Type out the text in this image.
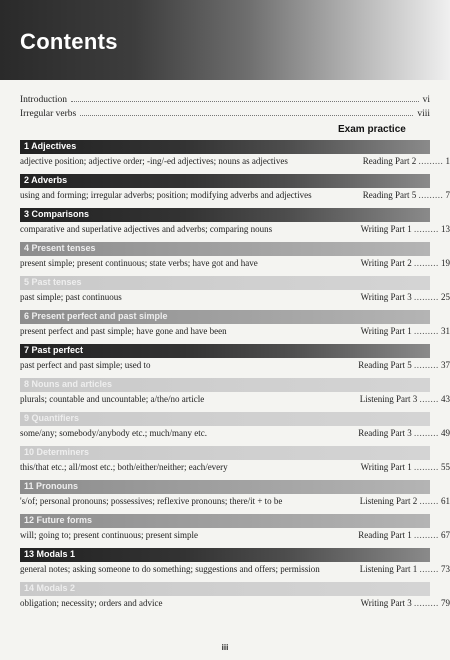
Contents
Introduction	vi
Irregular verbs	viii
Exam practice
1 Adjectives
adjective position; adjective order; -ing/-ed adjectives; nouns as adjectives	Reading Part 2 ......... 1
2 Adverbs
using and forming; irregular adverbs; position; modifying adverbs and adjectives	Reading Part 5 ......... 7
3 Comparisons
comparative and superlative adjectives and adverbs; comparing nouns	Writing Part 1 ......... 13
4 Present tenses
present simple; present continuous; state verbs; have got and have	Writing Part 2 ......... 19
5 Past tenses
past simple; past continuous	Writing Part 3 ......... 25
6 Present perfect and past simple
present perfect and past simple; have gone and have been	Writing Part 1 ......... 31
7 Past perfect
past perfect and past simple; used to	Reading Part 5 ......... 37
8 Nouns and articles
plurals; countable and uncountable; a/the/no article	Listening Part 3 ....... 43
9 Quantifiers
some/any; somebody/anybody etc.; much/many etc.	Reading Part 3 ......... 49
10 Determiners
this/that etc.; all/most etc.; both/either/neither; each/every	Writing Part 1 ......... 55
11 Pronouns
's/of; personal pronouns; possessives; reflexive pronouns; there/it + to be	Listening Part 2 ....... 61
12 Future forms
will; going to; present continuous; present simple	Reading Part 1 ......... 67
13 Modals 1
general notes; asking someone to do something; suggestions and offers; permission	Listening Part 1 ....... 73
14 Modals 2
obligation; necessity; orders and advice	Writing Part 3 ......... 79
iii
